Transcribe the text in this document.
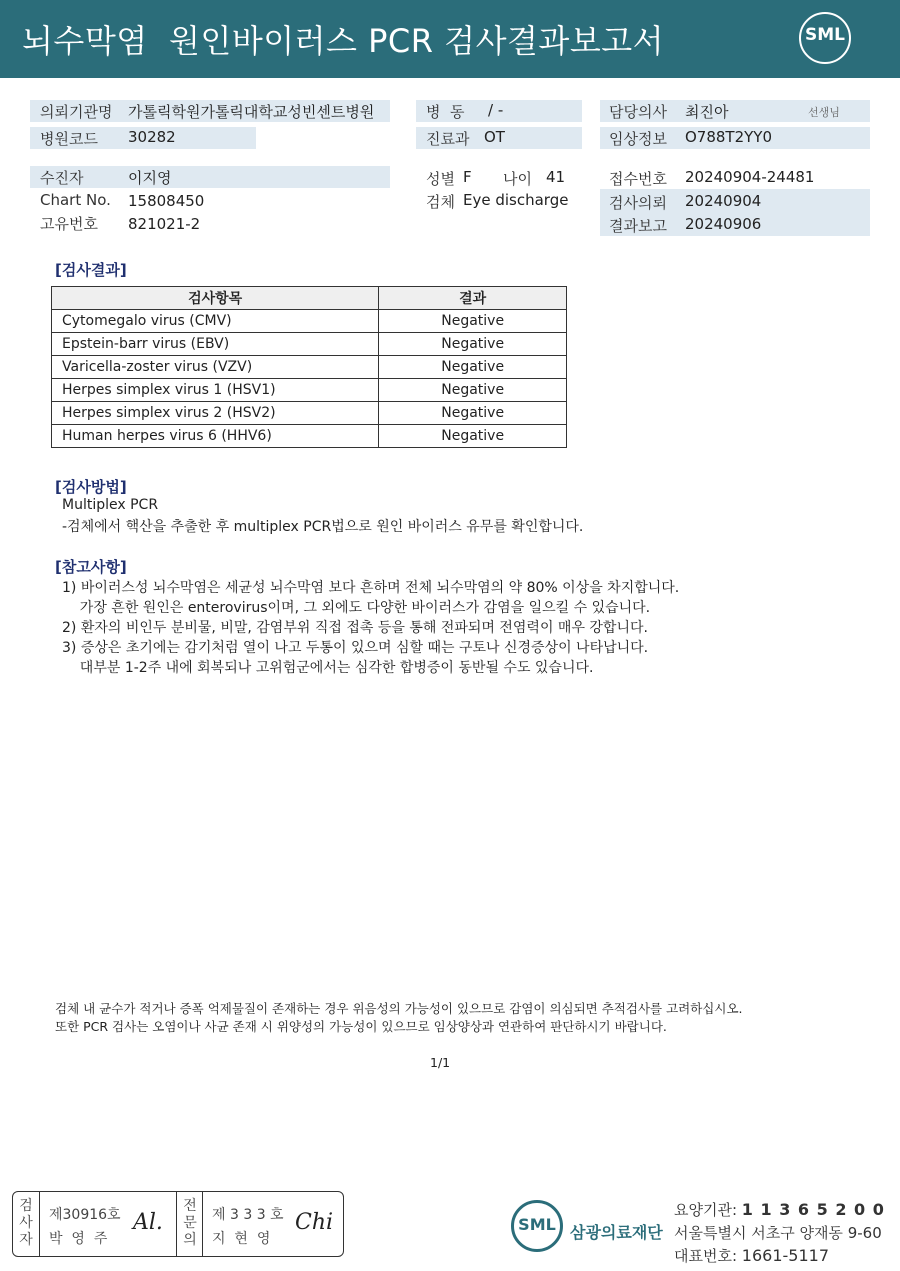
뇌수막염  원인바이러스 PCR 검사결과보고서	SML
의뢰기관명 가톨릭학원가톨릭대학교성빈센트병원
병원코드 30282
병  동 / -
진료과 OT
담당의사 최진아	선생님
임상정보 O788T2YY0
수진자	이지영
Chart No. 15808450
고유번호 821021-2
성별 F 나이 41
검체 Eye discharge
접수번호 20240904-24481
검사의뢰 20240904
결과보고 20240906
[검사결과]
검사항목	결과
Cytomegalo virus (CMV)	Negative
Epstein-barr virus (EBV)	Negative
Varicella-zoster virus (VZV)	Negative
Herpes simplex virus 1 (HSV1)	Negative
Herpes simplex virus 2 (HSV2)	Negative
Human herpes virus 6 (HHV6)	Negative
[검사방법]
Multiplex PCR
-검체에서 핵산을 추출한 후 multiplex PCR법으로 원인 바이러스 유무를 확인합니다.
[참고사항]
1) 바이러스성 뇌수막염은 세균성 뇌수막염 보다 흔하며 전체 뇌수막염의 약 80% 이상을 차지합니다.
가장 흔한 원인은 enterovirus이며, 그 외에도 다양한 바이러스가 감염을 일으킬 수 있습니다.
2) 환자의 비인두 분비물, 비말, 감염부위 직접 접촉 등을 통해 전파되며 전염력이 매우 강합니다.
3) 증상은 초기에는 감기처럼 열이 나고 두통이 있으며 심할 때는 구토나 신경증상이 나타납니다.
대부분 1-2주 내에 회복되나 고위험군에서는 심각한 합병증이 동반될 수도 있습니다.
검체 내 균수가 적거나 증폭 억제물질이 존재하는 경우 위음성의 가능성이 있으므로 감염이 의심되면 추적검사를 고려하십시오.
또한 PCR 검사는 오염이나 사균 존재 시 위양성의 가능성이 있으므로 임상양상과 연관하여 판단하시기 바랍니다.
1/1
검사자
제30916호
박  영  주
Al.
전문의
제 3 3 3 호
지  현  영
Chi	SML 삼광의료재단
요양기관: 1 1 3 6 5 2 0 0
서울특별시 서초구 양재동 9-60
대표번호: 1661-5117
